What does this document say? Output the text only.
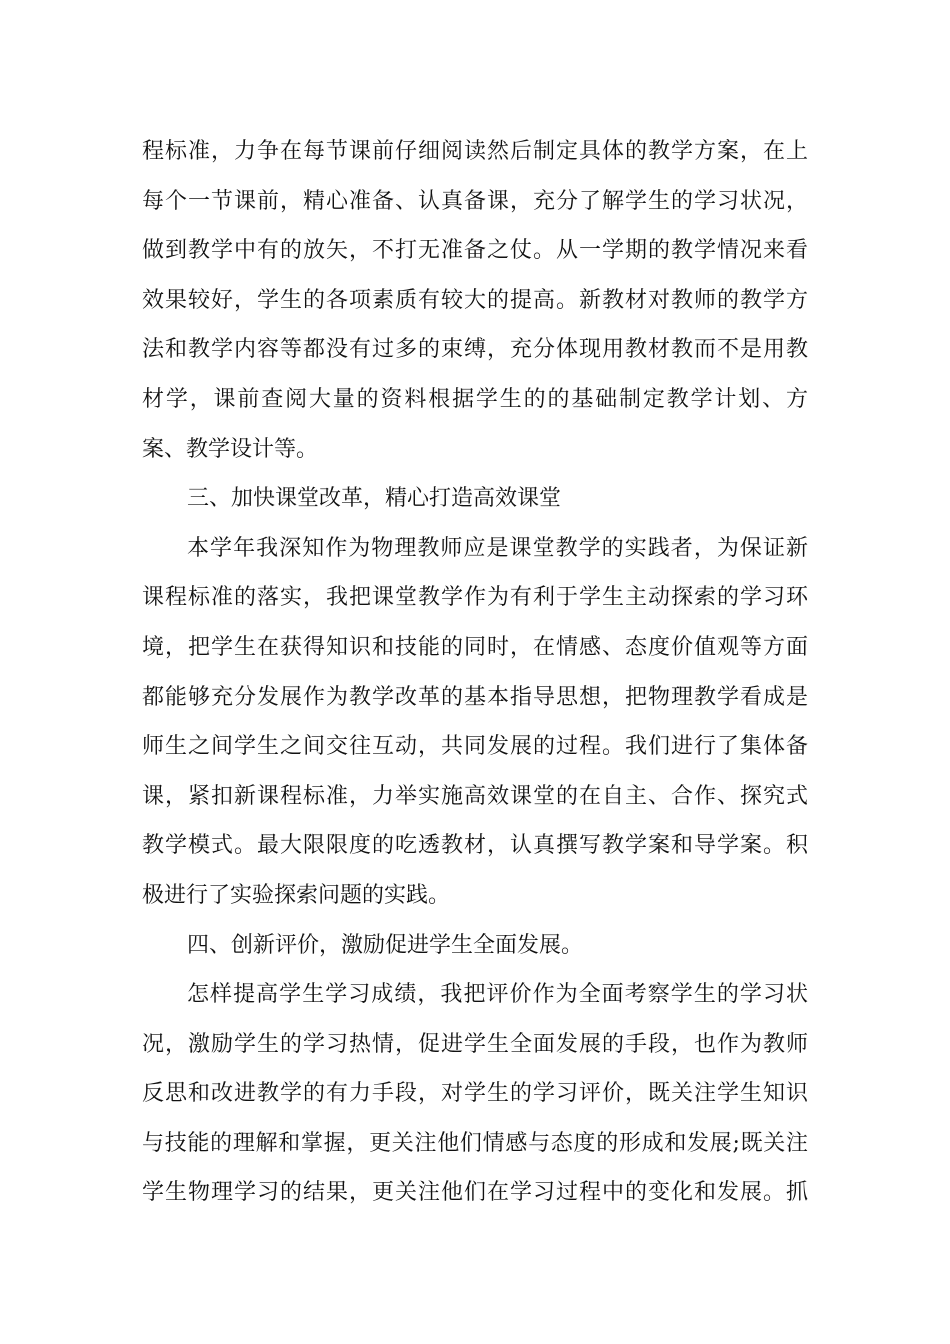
程标准，力争在每节课前仔细阅读然后制定具体的教学方案，在上

每个一节课前，精心准备、认真备课，充分了解学生的学习状况，

做到教学中有的放矢，不打无准备之仗。从一学期的教学情况来看

效果较好，学生的各项素质有较大的提高。新教材对教师的教学方

法和教学内容等都没有过多的束缚，充分体现用教材教而不是用教

材学，课前查阅大量的资料根据学生的的基础制定教学计划、方

案、教学设计等。

三、加快课堂改革，精心打造高效课堂

本学年我深知作为物理教师应是课堂教学的实践者，为保证新

课程标准的落实，我把课堂教学作为有利于学生主动探索的学习环

境，把学生在获得知识和技能的同时，在情感、态度价值观等方面

都能够充分发展作为教学改革的基本指导思想，把物理教学看成是

师生之间学生之间交往互动，共同发展的过程。我们进行了集体备

课，紧扣新课程标准，力举实施高效课堂的在自主、合作、探究式

教学模式。最大限限度的吃透教材，认真撰写教学案和导学案。积

极进行了实验探索问题的实践。

四、创新评价，激励促进学生全面发展。

怎样提高学生学习成绩，我把评价作为全面考察学生的学习状

况，激励学生的学习热情，促进学生全面发展的手段，也作为教师

反思和改进教学的有力手段，对学生的学习评价，既关注学生知识

与技能的理解和掌握，更关注他们情感与态度的形成和发展;既关注

学生物理学习的结果，更关注他们在学习过程中的变化和发展。抓
